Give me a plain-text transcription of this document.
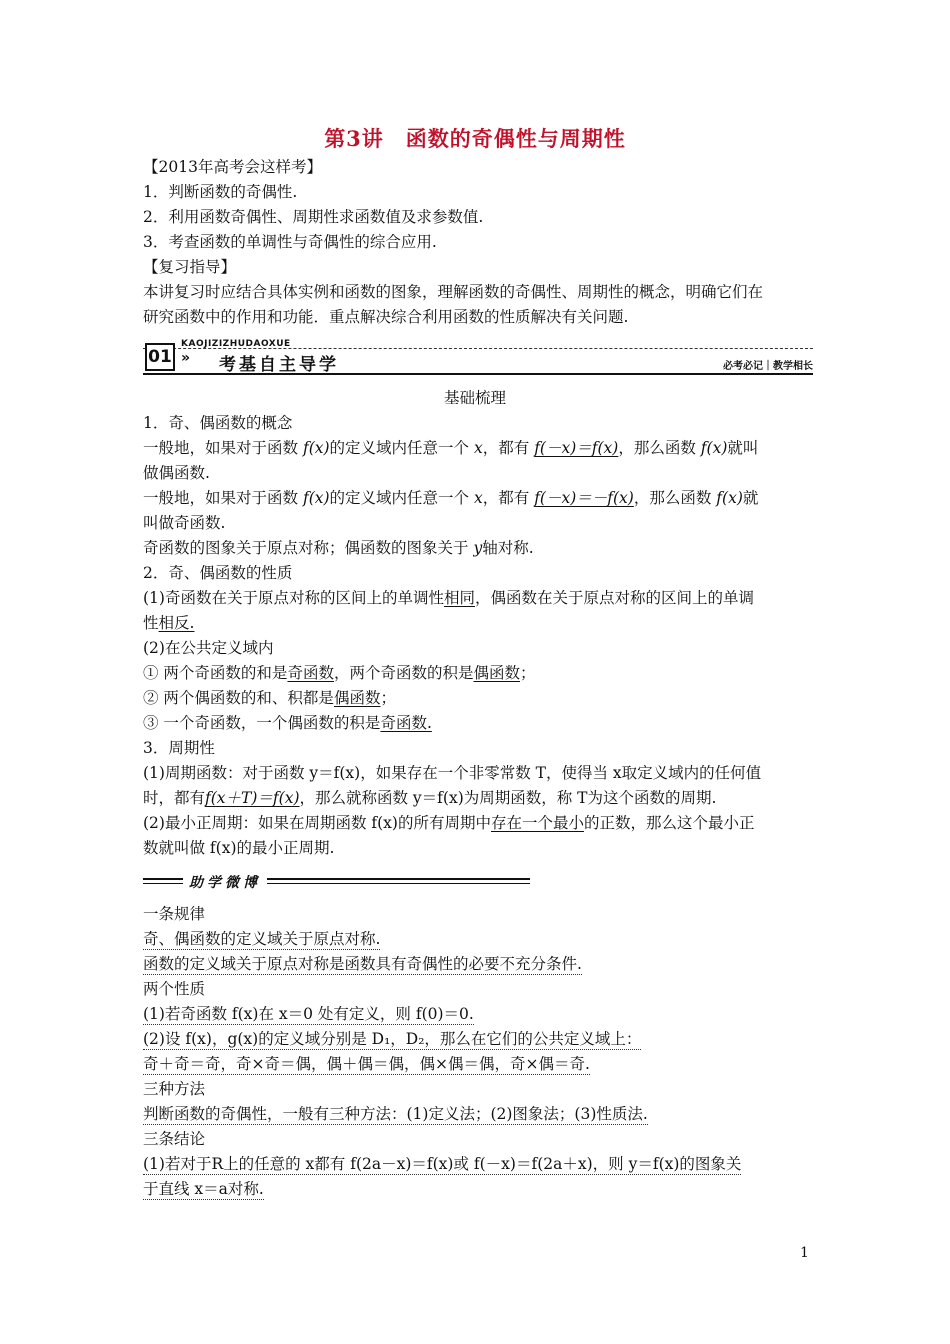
第3讲　函数的奇偶性与周期性
【2013年高考会这样考】
1．判断函数的奇偶性.
2．利用函数奇偶性、周期性求函数值及求参数值.
3．考查函数的单调性与奇偶性的综合应用.
【复习指导】
本讲复习时应结合具体实例和函数的图象，理解函数的奇偶性、周期性的概念，明确它们在
研究函数中的作用和功能．重点解决综合利用函数的性质解决有关问题.
KAOJIZIZHUDAOXUE
01 » 考基自主导学	必考必记｜教学相长
基础梳理
1．奇、偶函数的概念
一般地，如果对于函数 f(x)的定义域内任意一个 x，都有 f(－x)＝f(x)，那么函数 f(x)就叫
做偶函数.
一般地，如果对于函数 f(x)的定义域内任意一个 x，都有 f(－x)＝－f(x)，那么函数 f(x)就
叫做奇函数.
奇函数的图象关于原点对称；偶函数的图象关于 y轴对称.
2．奇、偶函数的性质
(1)奇函数在关于原点对称的区间上的单调性相同，偶函数在关于原点对称的区间上的单调
性相反.
(2)在公共定义域内
① 两个奇函数的和是奇函数，两个奇函数的积是偶函数；
② 两个偶函数的和、积都是偶函数；
③ 一个奇函数，一个偶函数的积是奇函数.
3．周期性
(1)周期函数：对于函数 y＝f(x)，如果存在一个非零常数 T，使得当 x取定义域内的任何值
时，都有f(x＋T)＝f(x)，那么就称函数 y＝f(x)为周期函数，称 T为这个函数的周期.
(2)最小正周期：如果在周期函数 f(x)的所有周期中存在一个最小的正数，那么这个最小正
数就叫做 f(x)的最小正周期.
助学微博
一条规律
奇、偶函数的定义域关于原点对称.
函数的定义域关于原点对称是函数具有奇偶性的必要不充分条件.
两个性质
(1)若奇函数 f(x)在 x＝0 处有定义，则 f(0)＝0.
(2)设 f(x)，g(x)的定义域分别是 D₁，D₂，那么在它们的公共定义域上：
奇＋奇＝奇，奇×奇＝偶，偶＋偶＝偶，偶×偶＝偶，奇×偶＝奇.
三种方法
判断函数的奇偶性，一般有三种方法：(1)定义法；(2)图象法；(3)性质法.
三条结论
(1)若对于R上的任意的 x都有 f(2a－x)＝f(x)或 f(－x)＝f(2a＋x)，则 y＝f(x)的图象关
于直线 x＝a对称.
1
